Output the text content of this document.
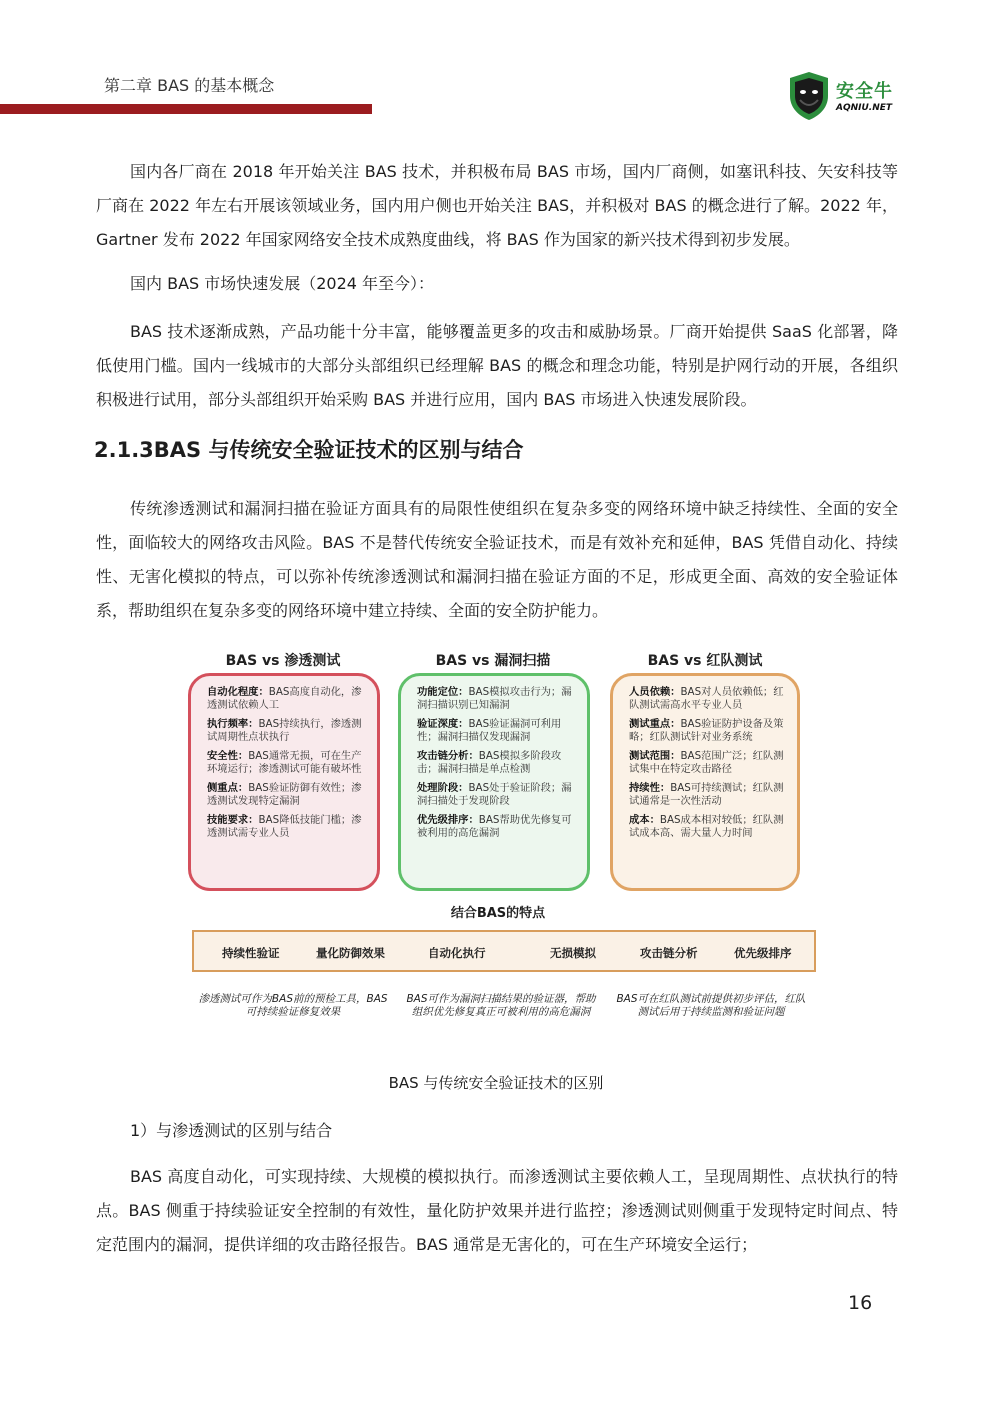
第二章 BAS 的基本概念	安全牛
AQNIU.NET

国内各厂商在 2018 年开始关注 BAS 技术，并积极布局 BAS 市场，国内厂商侧，如塞讯科技、矢安科技等厂商在 2022 年左右开展该领域业务，国内用户侧也开始关注 BAS，并积极对 BAS 的概念进行了解。2022 年，Gartner 发布 2022 年国家网络安全技术成熟度曲线，将 BAS 作为国家的新兴技术得到初步发展。

国内 BAS 市场快速发展（2024 年至今）：

BAS 技术逐渐成熟，产品功能十分丰富，能够覆盖更多的攻击和威胁场景。厂商开始提供 SaaS 化部署，降低使用门槛。国内一线城市的大部分头部组织已经理解 BAS 的概念和理念功能，特别是护网行动的开展，各组织积极进行试用，部分头部组织开始采购 BAS 并进行应用，国内 BAS 市场进入快速发展阶段。

2.1.3BAS 与传统安全验证技术的区别与结合

传统渗透测试和漏洞扫描在验证方面具有的局限性使组织在复杂多变的网络环境中缺乏持续性、全面的安全性，面临较大的网络攻击风险。BAS 不是替代传统安全验证技术，而是有效补充和延伸，BAS 凭借自动化、持续性、无害化模拟的特点，可以弥补传统渗透测试和漏洞扫描在验证方面的不足，形成更全面、高效的安全验证体系，帮助组织在复杂多变的网络环境中建立持续、全面的安全防护能力。

BAS vs 渗透测试	BAS vs 漏洞扫描	BAS vs 红队测试
自动化程度：BAS高度自动化，渗透测试依赖人工
执行频率：BAS持续执行，渗透测试周期性点状执行
安全性：BAS通常无损，可在生产环境运行；渗透测试可能有破坏性
侧重点：BAS验证防御有效性；渗透测试发现特定漏洞
技能要求：BAS降低技能门槛；渗透测试需专业人员
功能定位：BAS模拟攻击行为；漏洞扫描识别已知漏洞
验证深度：BAS验证漏洞可利用性；漏洞扫描仅发现漏洞
攻击链分析：BAS模拟多阶段攻击；漏洞扫描是单点检测
处理阶段：BAS处于验证阶段；漏洞扫描处于发现阶段
优先级排序：BAS帮助优先修复可被利用的高危漏洞
人员依赖：BAS对人员依赖低；红队测试需高水平专业人员
测试重点：BAS验证防护设备及策略；红队测试针对业务系统
测试范围：BAS范围广泛；红队测试集中在特定攻击路径
持续性：BAS可持续测试；红队测试通常是一次性活动
成本：BAS成本相对较低；红队测试成本高、需大量人力时间
结合BAS的特点
持续性验证	量化防御效果	自动化执行	无损模拟	攻击链分析	优先级排序
渗透测试可作为BAS前的预检工具，BAS可持续验证修复效果
BAS可作为漏洞扫描结果的验证器，帮助组织优先修复真正可被利用的高危漏洞
BAS可在红队测试前提供初步评估，红队测试后用于持续监测和验证问题
BAS 与传统安全验证技术的区别

1）与渗透测试的区别与结合

BAS 高度自动化，可实现持续、大规模的模拟执行。而渗透测试主要依赖人工，呈现周期性、点状执行的特点。BAS 侧重于持续验证安全控制的有效性，量化防护效果并进行监控；渗透测试则侧重于发现特定时间点、特定范围内的漏洞，提供详细的攻击路径报告。BAS 通常是无害化的，可在生产环境安全运行；

16
